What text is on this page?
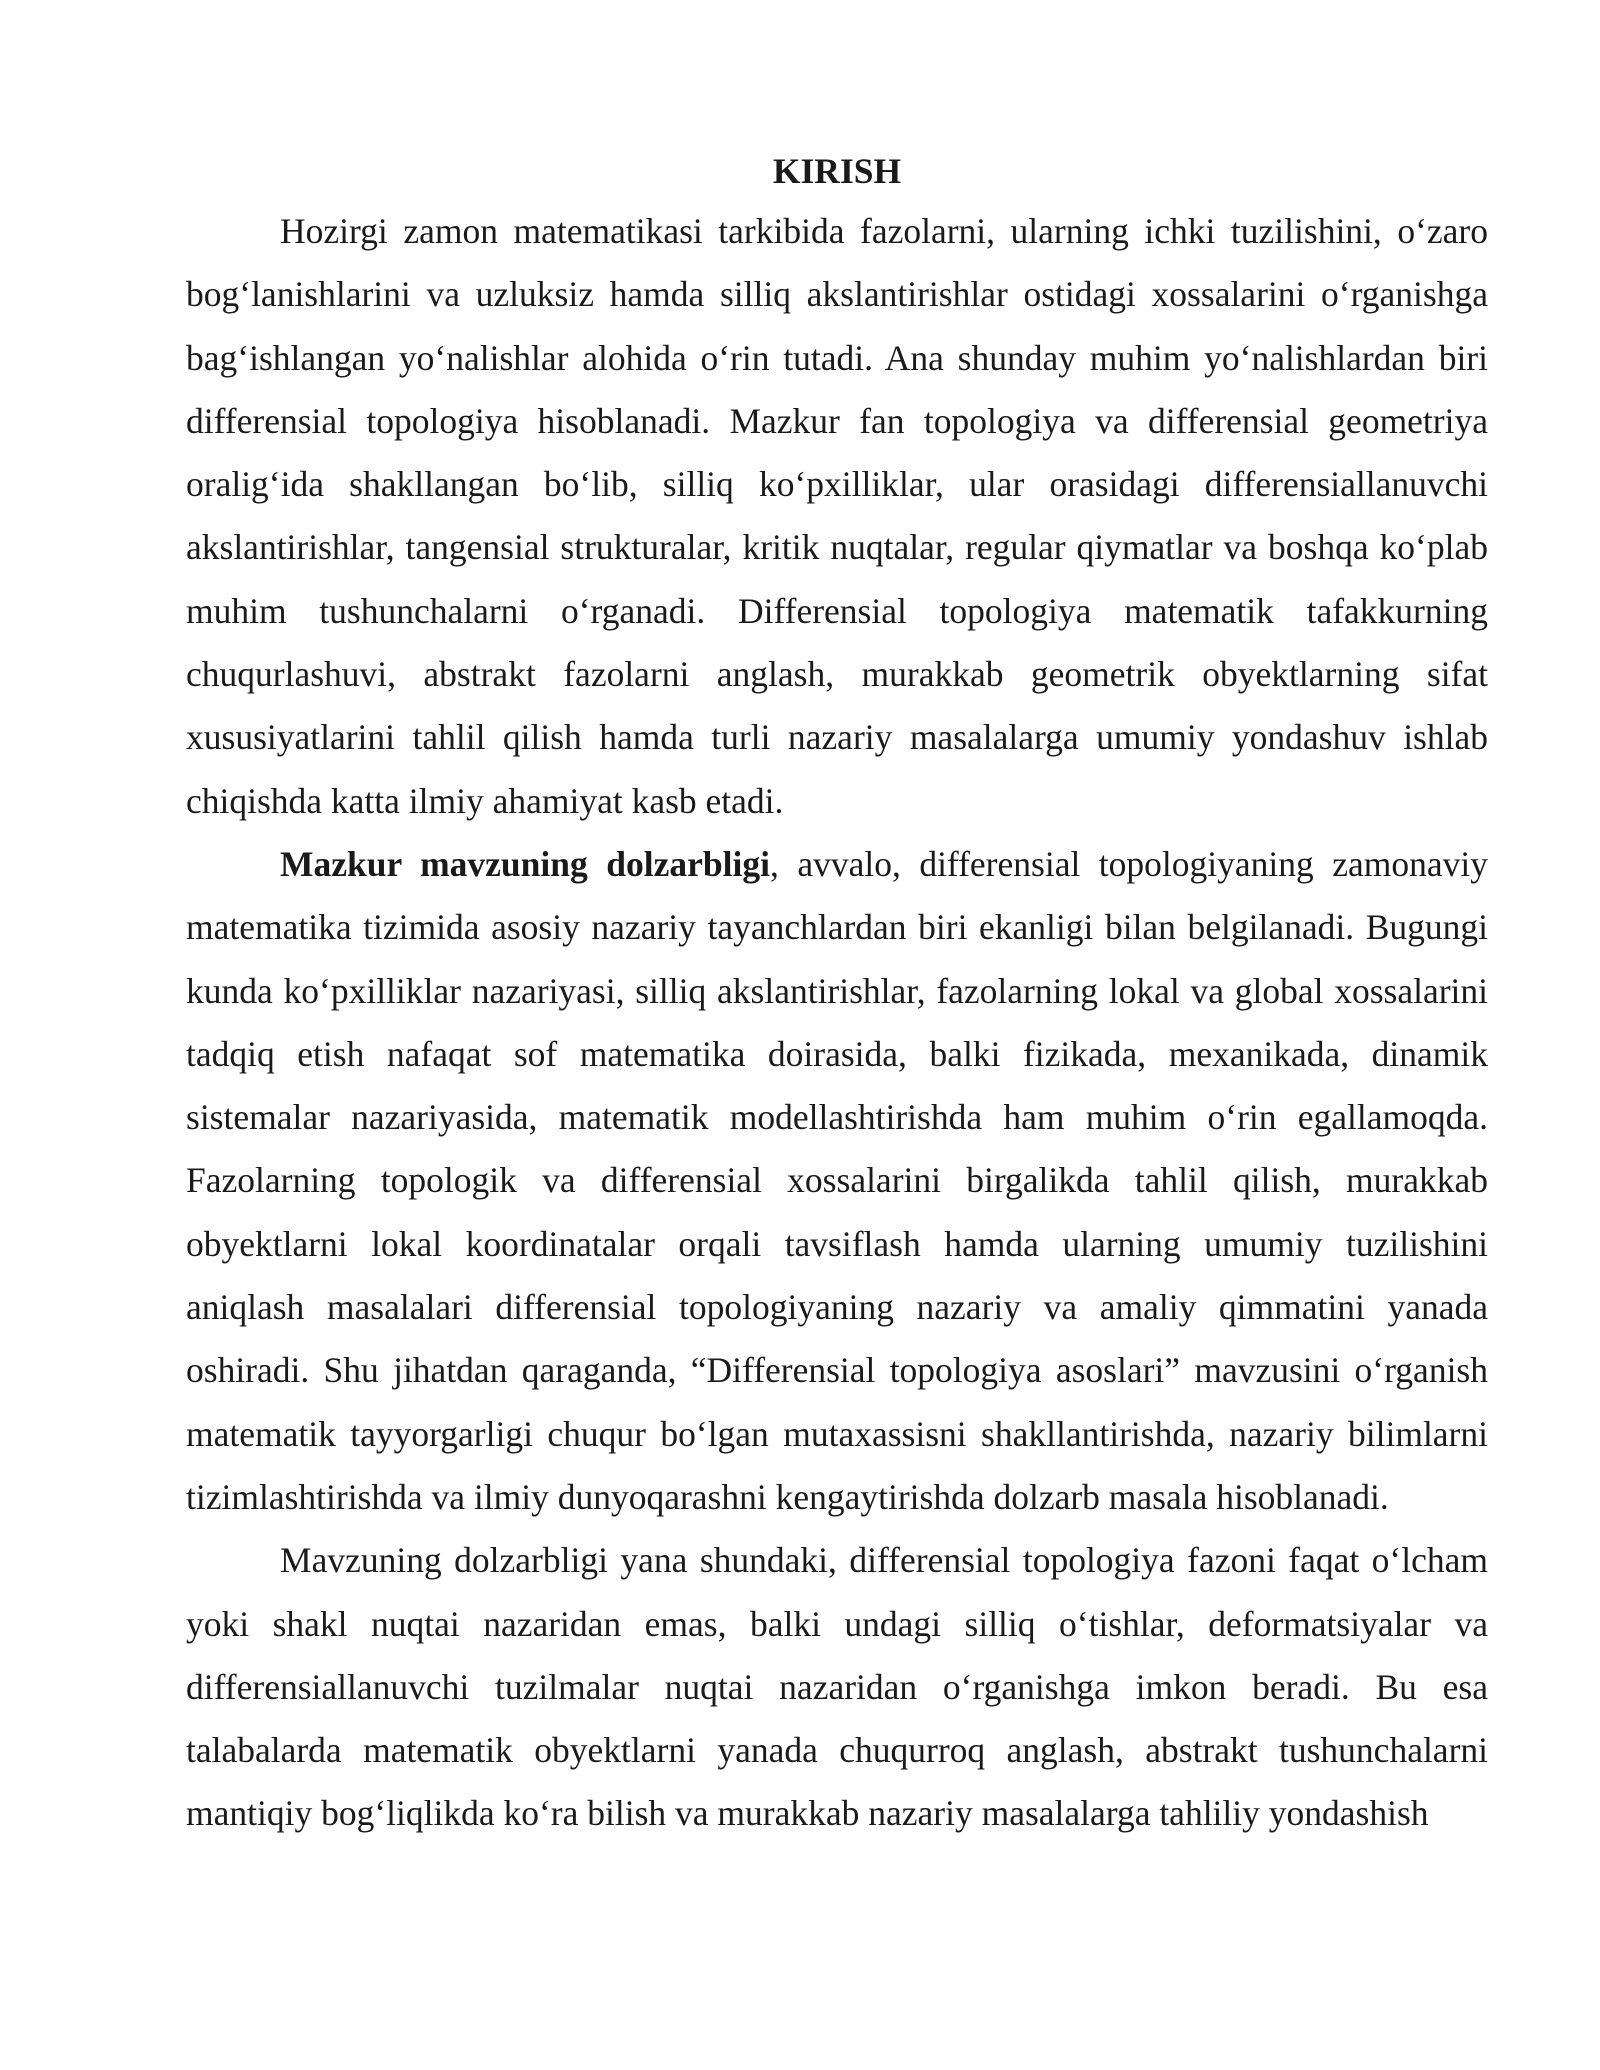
KIRISH

Hozirgi zamon matematikasi tarkibida fazolarni, ularning ichki tuzilishini, o‘zaro bog‘lanishlarini va uzluksiz hamda silliq akslantirishlar ostidagi xossalarini o‘rganishga bag‘ishlangan yo‘nalishlar alohida o‘rin tutadi. Ana shunday muhim yo‘nalishlardan biri differensial topologiya hisoblanadi. Mazkur fan topologiya va differensial geometriya oralig‘ida shakllangan bo‘lib, silliq ko‘pxilliklar, ular orasidagi differensiallanuvchi akslantirishlar, tangensial strukturalar, kritik nuqtalar, regular qiymatlar va boshqa ko‘plab muhim tushunchalarni o‘rganadi. Differensial topologiya matematik tafakkurning chuqurlashuvi, abstrakt fazolarni anglash, murakkab geometrik obyektlarning sifat xususiyatlarini tahlil qilish hamda turli nazariy masalalarga umumiy yondashuv ishlab chiqishda katta ilmiy ahamiyat kasb etadi.

Mazkur mavzuning dolzarbligi, avvalo, differensial topologiyaning zamonaviy matematika tizimida asosiy nazariy tayanchlardan biri ekanligi bilan belgilanadi. Bugungi kunda ko‘pxilliklar nazariyasi, silliq akslantirishlar, fazolarning lokal va global xossalarini tadqiq etish nafaqat sof matematika doirasida, balki fizikada, mexanikada, dinamik sistemalar nazariyasida, matematik modellashtirishda ham muhim o‘rin egallamoqda. Fazolarning topologik va differensial xossalarini birgalikda tahlil qilish, murakkab obyektlarni lokal koordinatalar orqali tavsiflash hamda ularning umumiy tuzilishini aniqlash masalalari differensial topologiyaning nazariy va amaliy qimmatini yanada oshiradi. Shu jihatdan qaraganda, “Differensial topologiya asoslari” mavzusini o‘rganish matematik tayyorgarligi chuqur bo‘lgan mutaxassisni shakllantirishda, nazariy bilimlarni tizimlashtirishda va ilmiy dunyoqarashni kengaytirishda dolzarb masala hisoblanadi.

Mavzuning dolzarbligi yana shundaki, differensial topologiya fazoni faqat o‘lcham yoki shakl nuqtai nazaridan emas, balki undagi silliq o‘tishlar, deformatsiyalar va differensiallanuvchi tuzilmalar nuqtai nazaridan o‘rganishga imkon beradi. Bu esa talabalarda matematik obyektlarni yanada chuqurroq anglash, abstrakt tushunchalarni mantiqiy bog‘liqlikda ko‘ra bilish va murakkab nazariy masalalarga tahliliy yondashish
